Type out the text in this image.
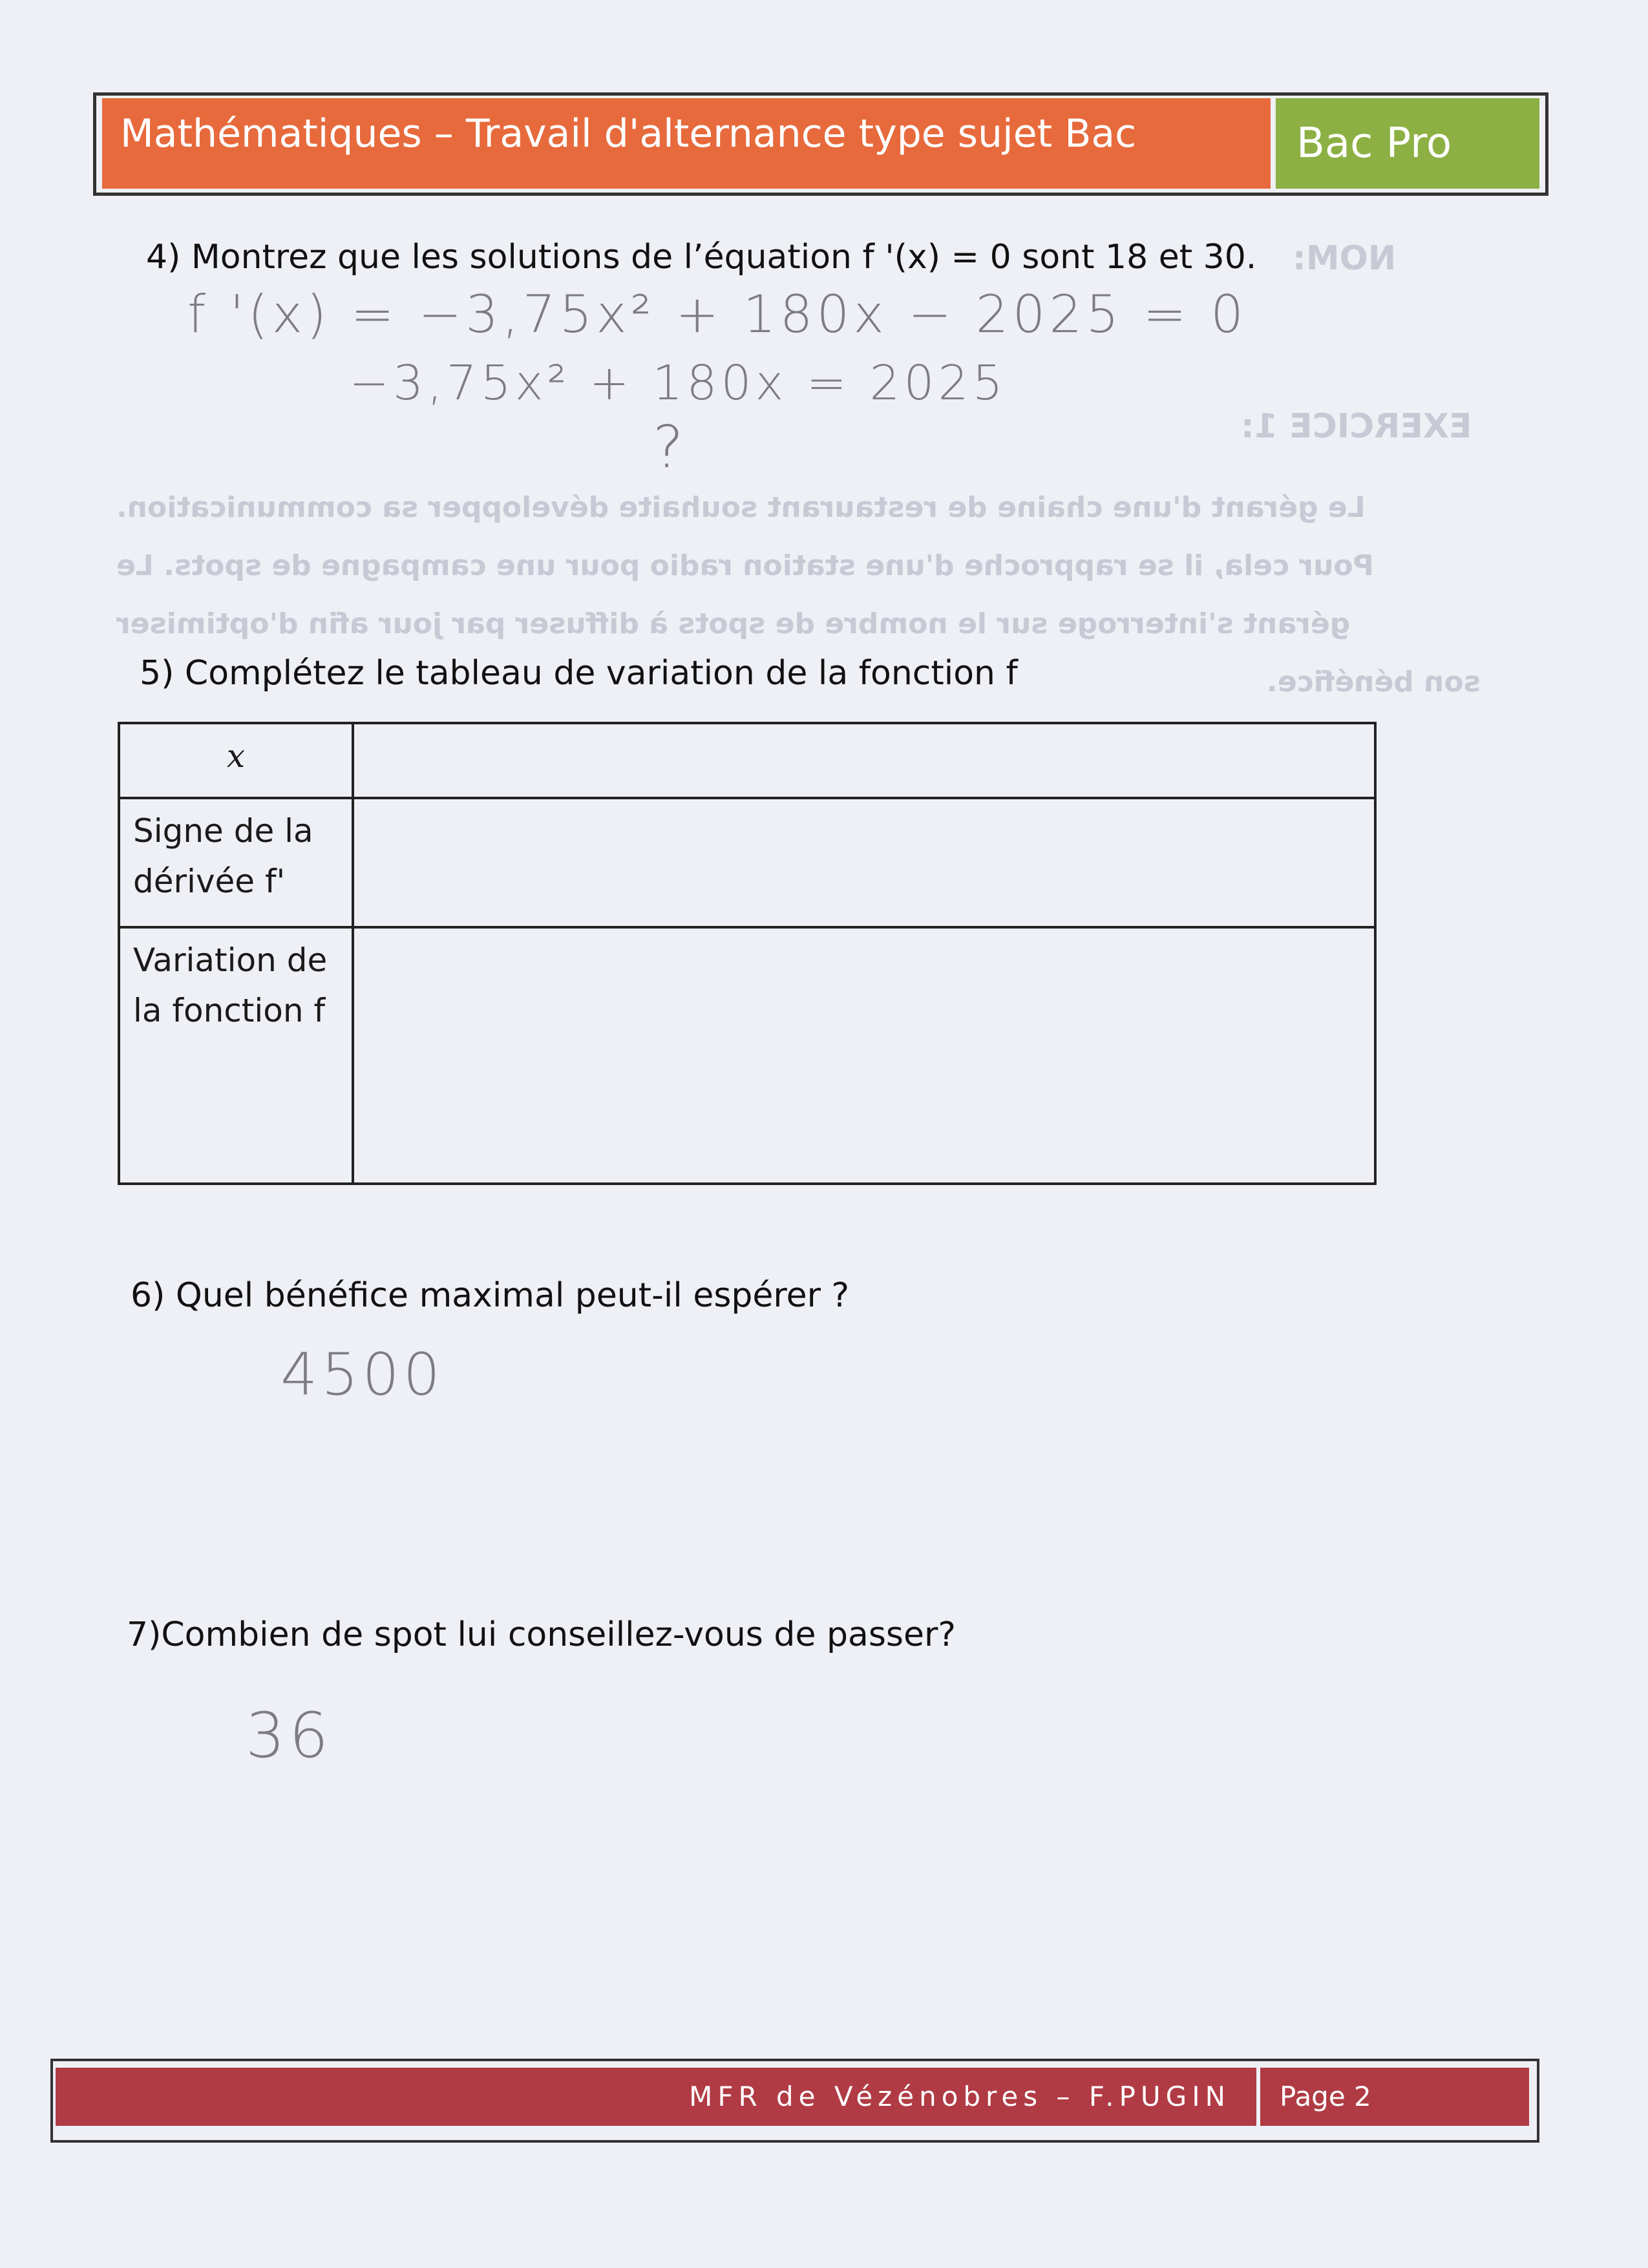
NOM:
EXERCICE 1:
Le gérant d'une chaine de restaurant souhaite développer sa communication.
Pour cela, il se rapproche d'une station radio pour une campagne de spots. Le
gérant s'interroge sur le nombre de spots à diffuser par jour afin d'optimiser
son bénéfice.
Mathématiques – Travail d'alternance type sujet Bac	Bac Pro
4) Montrez que les solutions de l’équation f '(x) = 0 sont 18 et 30.
f '(x) = −3,75x² + 180x − 2025 = 0
−3,75x² + 180x = 2025
?
5) Complétez le tableau de variation de la fonction f
x	
Signe de la dérivée f'	
Variation de la fonction f	
6) Quel bénéfice maximal peut-il espérer ?
4500
7)Combien de spot lui conseillez-vous de passer?
36
MFR de Vézénobres – F.PUGIN	Page 2
